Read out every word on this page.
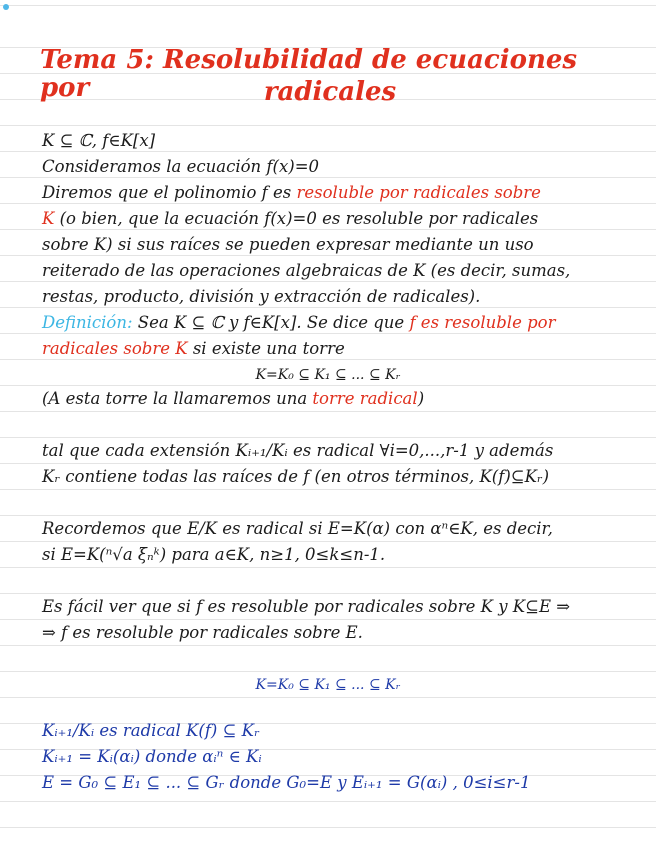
Tema 5: Resolubilidad de ecuaciones por	radicales
K ⊆ ℂ, f∈K[x]
Consideramos la ecuación f(x)=0
Diremos que el polinomio f es resoluble por radicales sobre
K (o bien, que la ecuación f(x)=0 es resoluble por radicales
sobre K) si sus raíces se pueden expresar mediante un uso
reiterado de las operaciones algebraicas de K (es decir, sumas,
restas, producto, división y extracción de radicales).
Definición: Sea K ⊆ ℂ y f∈K[x]. Se dice que f es resoluble por
radicales sobre K si existe una torre
K=K₀ ⊆ K₁ ⊆ ... ⊆ Kᵣ
(A esta torre la llamaremos una torre radical)
tal que cada extensión Kᵢ₊₁/Kᵢ es radical ∀i=0,...,r-1 y además
Kᵣ contiene todas las raíces de f (en otros términos, K(f)⊆Kᵣ)
Recordemos que E/K es radical si E=K(α) con αⁿ∈K, es decir,
si E=K(ⁿ√a ξₙᵏ) para a∈K, n≥1, 0≤k≤n-1.
Es fácil ver que si f es resoluble por radicales sobre K y K⊆E ⇒
⇒ f es resoluble por radicales sobre E.
K=K₀ ⊆ K₁ ⊆ ... ⊆ Kᵣ
Kᵢ₊₁/Kᵢ es radical K(f) ⊆ Kᵣ
Kᵢ₊₁ = Kᵢ(αᵢ) donde αᵢⁿ ∈ Kᵢ
E = G₀ ⊆ E₁ ⊆ ... ⊆ Gᵣ donde G₀=E y Eᵢ₊₁ = G(αᵢ) , 0≤i≤r-1
